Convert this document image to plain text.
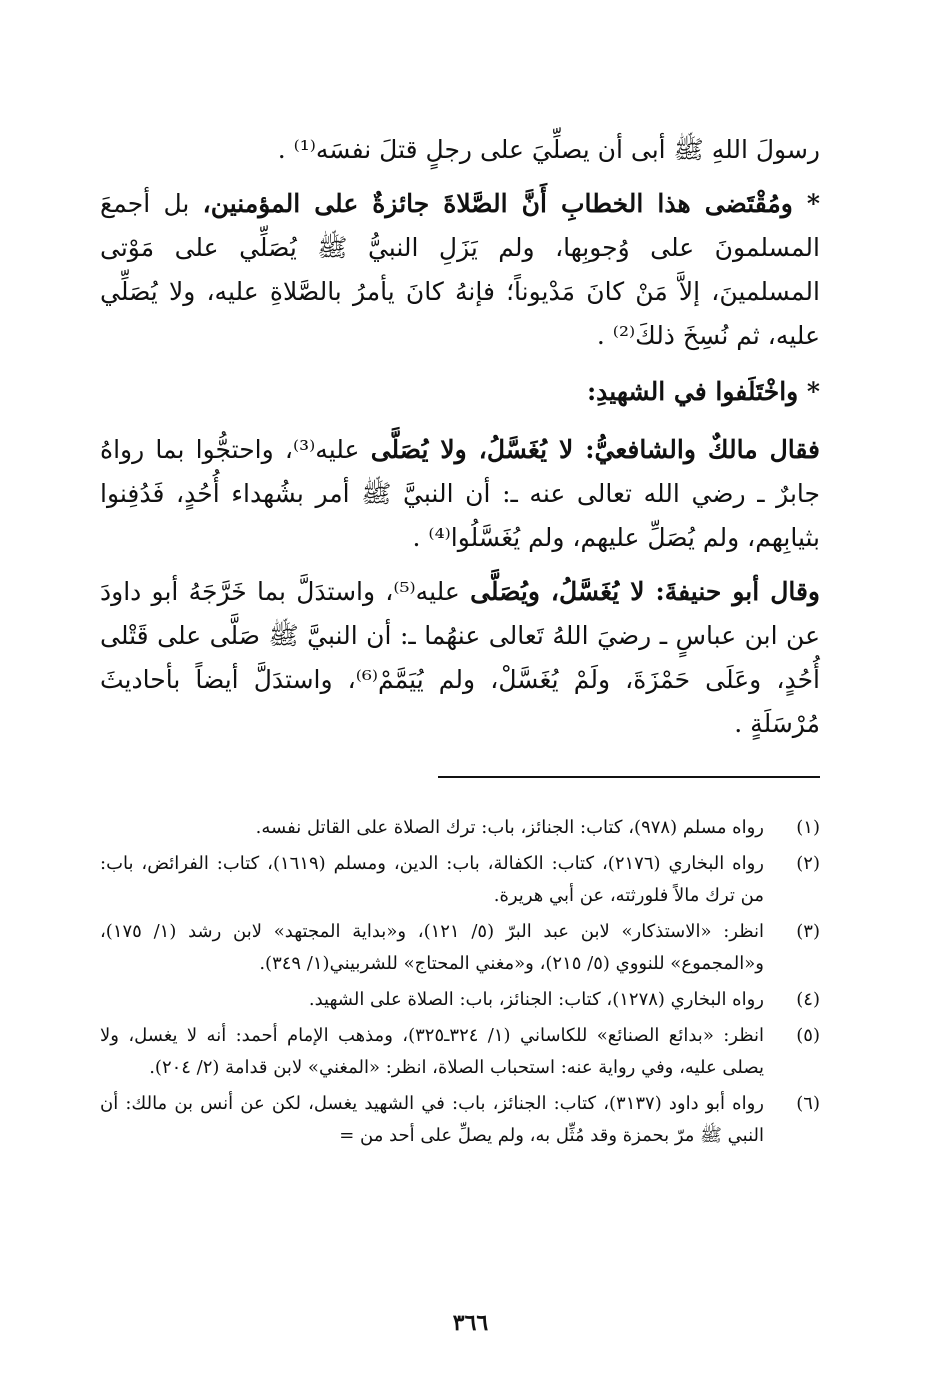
رسولَ اللهِ ﷺ أبى أن يصلِّيَ على رجلٍ قتلَ نفسَه⁽¹⁾ .

* ومُقْتَضى هذا الخطابِ أَنَّ الصَّلاةَ جائزةٌ على المؤمنين، بل أجمعَ المسلمونَ على وُجوبِها، ولم يَزَلِ النبيُّ ﷺ يُصَلِّي على مَوْتى المسلمينَ، إلاَّ مَنْ كانَ مَدْيوناً؛ فإنهُ كانَ يأمرُ بالصَّلاةِ عليه، ولا يُصَلِّي عليه، ثم نُسِخَ ذلكَ⁽²⁾ .

* واخْتَلَفوا في الشهيدِ:

فقال مالكٌ والشافعيُّ: لا يُغَسَّلُ، ولا يُصَلَّى عليه⁽³⁾، واحتجُّوا بما رواهُ جابرٌ ـ رضي الله تعالى عنه ـ: أن النبيَّ ﷺ أمر بشُهداء أُحُدٍ، فَدُفِنوا بثيابِهم، ولم يُصَلِّ عليهم، ولم يُغَسَّلُوا⁽⁴⁾ .

وقال أبو حنيفةَ: لا يُغَسَّلُ، ويُصَلَّى عليه⁽⁵⁾، واستدَلَّ بما خَرَّجَهُ أبو داودَ عن ابن عباسٍ ـ رضيَ اللهُ تَعالى عنهُما ـ: أن النبيَّ ﷺ صَلَّى على قَتْلى أُحُدٍ، وعَلَى حَمْزَةَ، ولَمْ يُغَسَّلْ، ولم يُيَمَّمْ⁽⁶⁾، واستدَلَّ أيضاً بأحاديثَ مُرْسَلَةٍ .

(١)
رواه مسلم (٩٧٨)، كتاب: الجنائز، باب: ترك الصلاة على القاتل نفسه.
(٢)
رواه البخاري (٢١٧٦)، كتاب: الكفالة، باب: الدين، ومسلم (١٦١٩)، كتاب: الفرائض، باب: من ترك مالاً فلورثته، عن أبي هريرة.
(٣)
انظر: «الاستذكار» لابن عبد البرّ (٥/ ١٢١)، و«بداية المجتهد» لابن رشد (١/ ١٧٥)، و«المجموع» للنووي (٥/ ٢١٥)، و«مغني المحتاج» للشربيني(١/ ٣٤٩).
(٤)
رواه البخاري (١٢٧٨)، كتاب: الجنائز، باب: الصلاة على الشهيد.
(٥)
انظر: «بدائع الصنائع» للكاساني (١/ ٣٢٤ـ٣٢٥)، ومذهب الإمام أحمد: أنه لا يغسل، ولا يصلى عليه، وفي رواية عنه: استحباب الصلاة، انظر: «المغني» لابن قدامة (٢/ ٢٠٤).
(٦)
رواه أبو داود (٣١٣٧)، كتاب: الجنائز، باب: في الشهيد يغسل، لكن عن أنس بن مالك: أن النبي ﷺ مرّ بحمزة وقد مُثِّل به، ولم يصلِّ على أحد من =
٣٦٦
